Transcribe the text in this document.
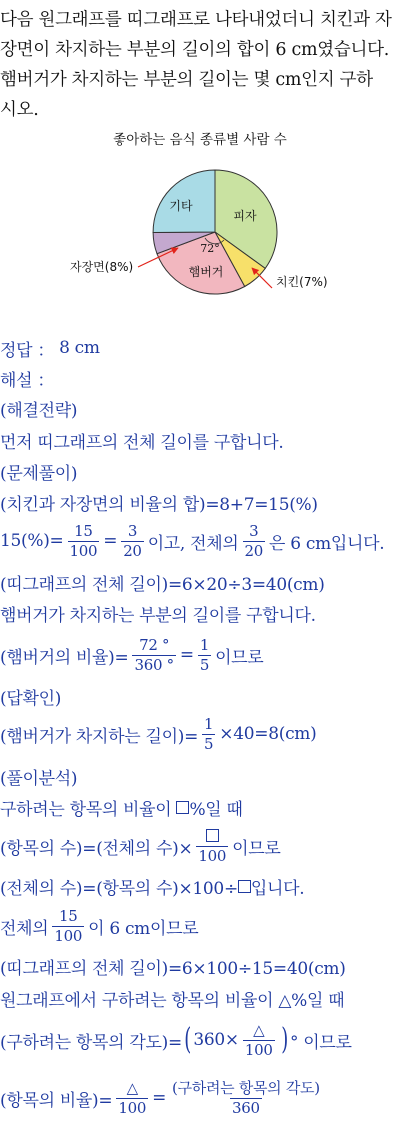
다음 원그래프를 띠그래프로 나타내었더니 치킨과 자
장면이 차지하는 부분의 길이의 합이 6 cm였습니다.
햄버거가 차지하는 부분의 길이는 몇 cm인지 구하
시오.
좋아하는 음식 종류별 사람 수
72°
기타
피자
햄버거
자장면(8%)
치킨(7%)
정답 ： 8 cm
해설 ：
(해결전략)
먼저 띠그래프의 전체 길이를 구합니다.
(문제풀이)
(치킨과 자장면의 비율의 합)=8+7=15(%)
$15(\%)= \frac{15}{100} = \frac{3}{20}$ 이고, 전체의 $\frac{3}{20}$ 은 6 cm입니다.
(띠그래프의 전체 길이)=6×20÷3=40(cm)
햄버거가 차지하는 부분의 길이를 구합니다.
(햄버거의 비율)= $\frac{72 ^\circ}{360 ^\circ} = \frac{1}{5}$ 이므로
(답확인)
(햄버거가 차지하는 길이)= $\frac{1}{5} \times 40=8(cm)$
(풀이분석)
구하려는 항목의 비율이 %일 때
(항목의 수)=(전체의 수)× 100 이므로
(전체의 수)=(항목의 수)×100÷ 입니다.
전체의 $\frac{15}{100}$ 이 6 cm이므로
(띠그래프의 전체 길이)=6×100÷15=40(cm)
원그래프에서 구하려는 항목의 비율이 △%일 때
(구하려는 항목의 각도)= ( $360\times \frac{\triangle}{100}$ ) ° 이므로
(항목의 비율)= $\frac{\triangle}{100} = \frac{\text{(구하려는 항목의 각도)}}{360}$
